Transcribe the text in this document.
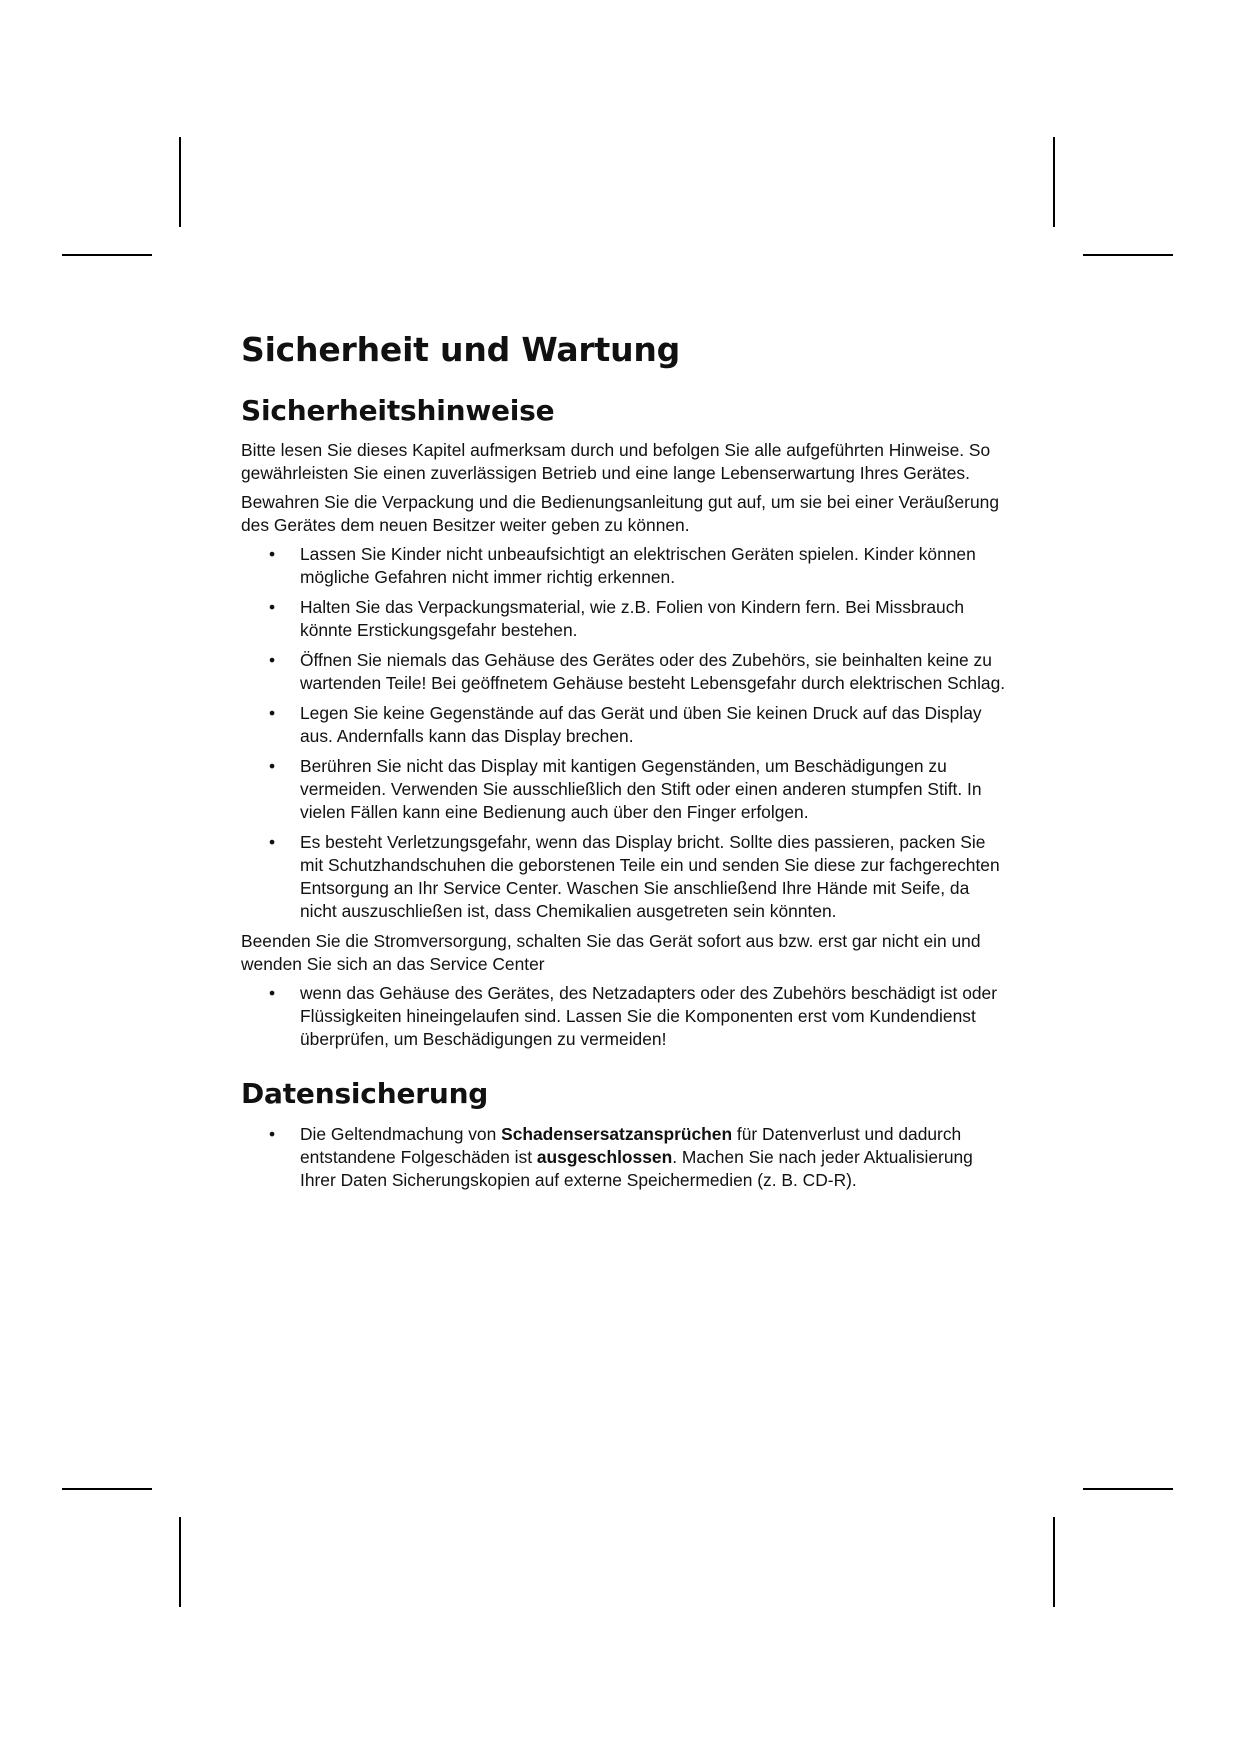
Sicherheit und Wartung
Sicherheitshinweise

Bitte lesen Sie dieses Kapitel aufmerksam durch und befolgen Sie alle aufgeführten Hinweise. So gewährleisten Sie einen zuverlässigen Betrieb und eine lange Lebenserwartung Ihres Gerätes.

Bewahren Sie die Verpackung und die Bedienungsanleitung gut auf, um sie bei einer Veräußerung des Gerätes dem neuen Besitzer weiter geben zu können.

• Lassen Sie Kinder nicht unbeaufsichtigt an elektrischen Geräten spielen. Kinder können mögliche Gefahren nicht immer richtig erkennen.
• Halten Sie das Verpackungsmaterial, wie z.B. Folien von Kindern fern. Bei Missbrauch könnte Erstickungsgefahr bestehen.
• Öffnen Sie niemals das Gehäuse des Gerätes oder des Zubehörs, sie beinhalten keine zu wartenden Teile! Bei geöffnetem Gehäuse besteht Lebensgefahr durch elektrischen Schlag.
• Legen Sie keine Gegenstände auf das Gerät und üben Sie keinen Druck auf das Display aus. Andernfalls kann das Display brechen.
• Berühren Sie nicht das Display mit kantigen Gegenständen, um Beschädigungen zu vermeiden. Verwenden Sie ausschließlich den Stift oder einen anderen stumpfen Stift. In vielen Fällen kann eine Bedienung auch über den Finger erfolgen.
• Es besteht Verletzungsgefahr, wenn das Display bricht. Sollte dies passieren, packen Sie mit Schutzhandschuhen die geborstenen Teile ein und senden Sie diese zur fachgerechten Entsorgung an Ihr Service Center. Waschen Sie anschließend Ihre Hände mit Seife, da nicht auszuschließen ist, dass Chemikalien ausgetreten sein könnten.

Beenden Sie die Stromversorgung, schalten Sie das Gerät sofort aus bzw. erst gar nicht ein und wenden Sie sich an das Service Center

• wenn das Gehäuse des Gerätes, des Netzadapters oder des Zubehörs beschädigt ist oder Flüssigkeiten hineingelaufen sind. Lassen Sie die Komponenten erst vom Kundendienst überprüfen, um Beschädigungen zu vermeiden!
Datensicherung
• Die Geltendmachung von Schadensersatzansprüchen für Datenverlust und dadurch entstandene Folgeschäden ist ausgeschlossen. Machen Sie nach jeder Aktualisierung Ihrer Daten Sicherungskopien auf externe Speichermedien (z. B. CD-R).
